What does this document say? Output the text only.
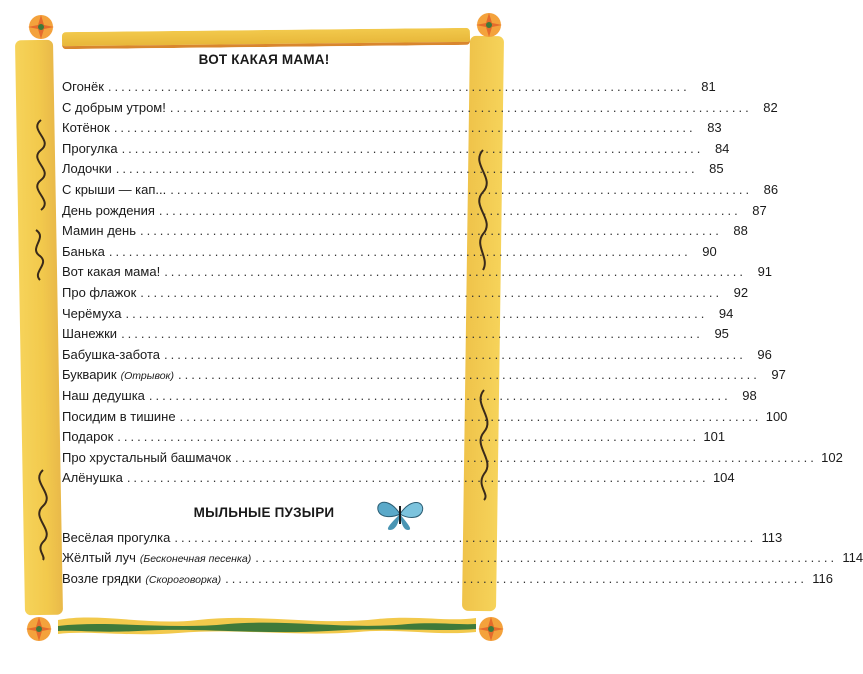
ВОТ КАКАЯ МАМА!
Огонёк ........................................................................................ 81
С добрым утром! ........................................................................................ 82
Котёнок ........................................................................................ 83
Прогулка ........................................................................................ 84
Лодочки ........................................................................................ 85
С крыши — кап... ........................................................................................ 86
День рождения ........................................................................................ 87
Мамин день ........................................................................................ 88
Банька ........................................................................................ 90
Вот какая мама! ........................................................................................ 91
Про флажок ........................................................................................ 92
Черёмуха ........................................................................................ 94
Шанежки ........................................................................................ 95
Бабушка-забота ........................................................................................ 96
Букварик (Отрывок) ........................................................................................ 97
Наш дедушка ........................................................................................ 98
Посидим в тишине ........................................................................................ 100
Подарок ........................................................................................ 101
Про хрустальный башмачок ........................................................................................ 102
Алёнушка ........................................................................................ 104
МЫЛЬНЫЕ ПУЗЫРИ
Весёлая прогулка ........................................................................................ 113
Жёлтый луч (Бесконечная песенка) ........................................................................................ 114
Возле грядки (Скороговорка) ........................................................................................ 116
